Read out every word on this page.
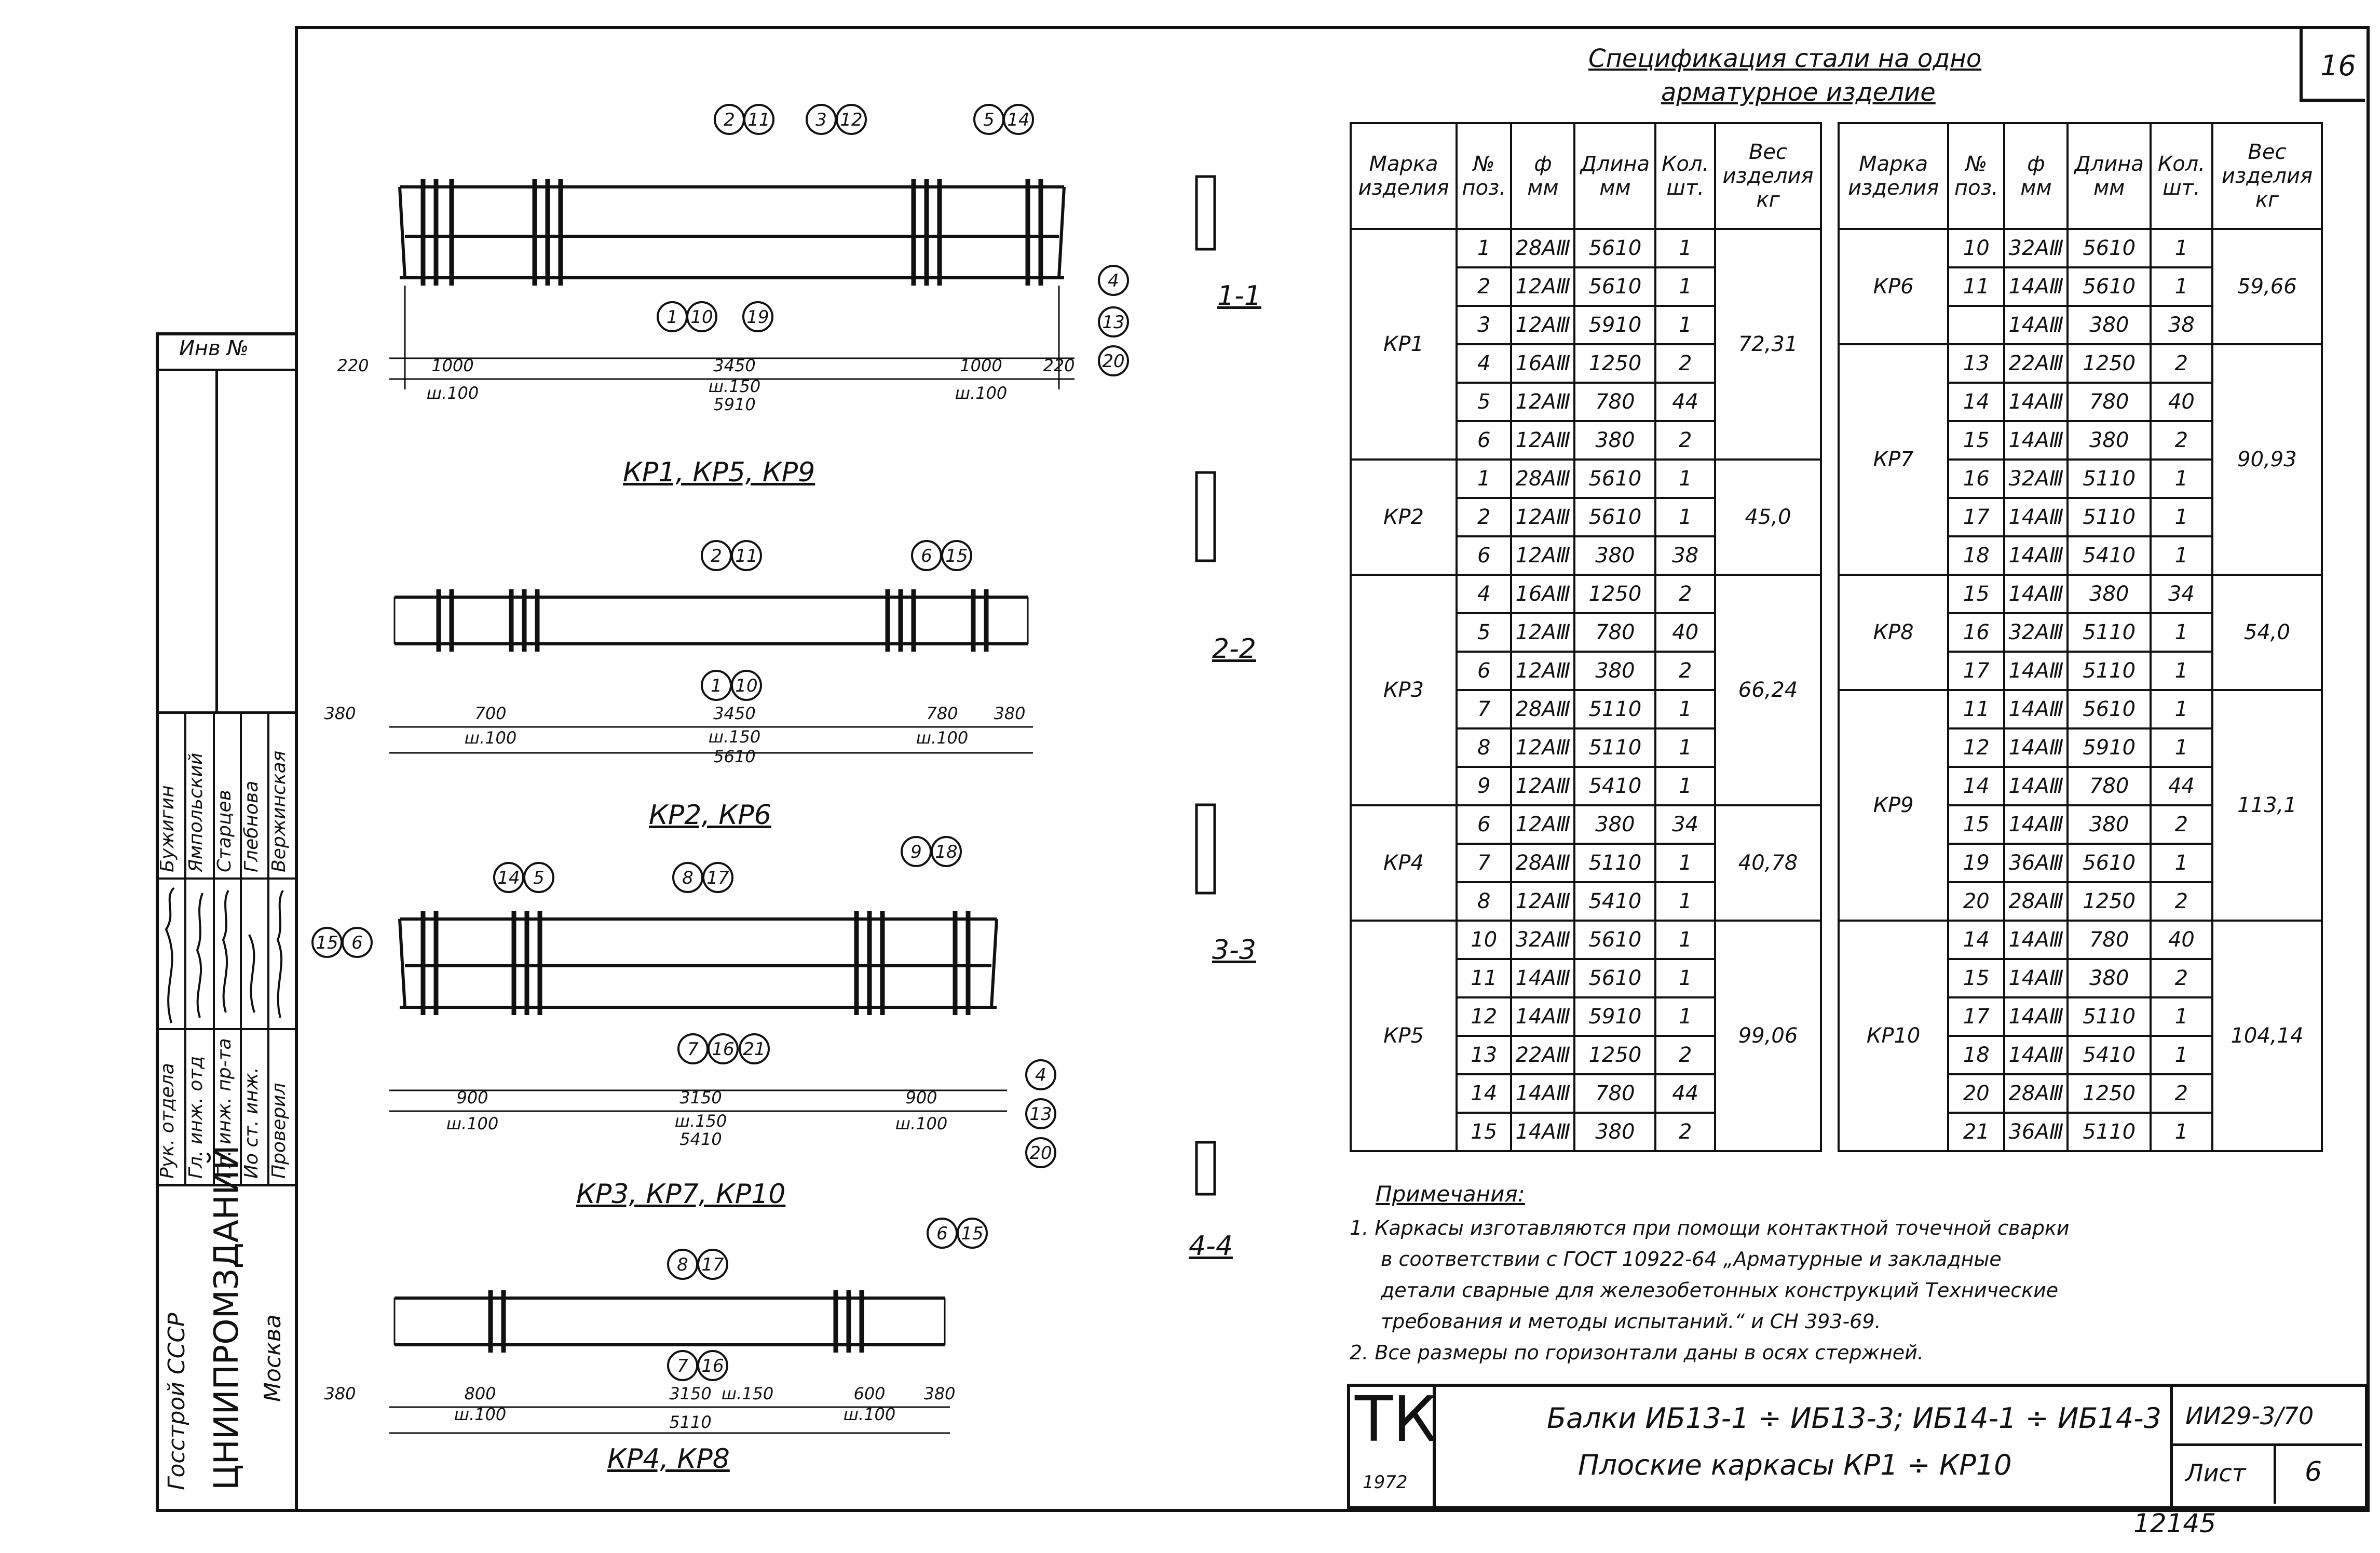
16
Инв №
Рук. отдела Гл. инж. отд Гл. инж. пр-та Ио ст. инж. Проверил
Бужигин Ямпольский Старцев Глебнова Вержинская
Госстрой СССР ЦНИИПРОМЗДАНИЙ Москва
Спецификация стали на одно
арматурное изделие
Марка изделия	№ поз.	ф мм	Длина мм	Кол. шт.	Вес изделия кг
КР1	1	28АⅢ	5610	1	72,31
	2	12АⅢ	5610	1	
	3	12АⅢ	5910	1	
	4	16АⅢ	1250	2	
	5	12АⅢ	780	44	
	6	12АⅢ	380	2	
КР2	1	28АⅢ	5610	1	45,0
	2	12АⅢ	5610	1	
	6	12АⅢ	380	38	
КР3	4	16АⅢ	1250	2	66,24
	5	12АⅢ	780	40	
	6	12АⅢ	380	2	
	7	28АⅢ	5110	1	
	8	12АⅢ	5110	1	
	9	12АⅢ	5410	1	
КР4	6	12АⅢ	380	34	40,78
	7	28АⅢ	5110	1	
	8	12АⅢ	5410	1	
КР5	10	32АⅢ	5610	1	99,06
	11	14АⅢ	5610	1	
	12	14АⅢ	5910	1	
	13	22АⅢ	1250	2	
	14	14АⅢ	780	44	
	15	14АⅢ	380	2	
Марка изделия	№ поз.	ф мм	Длина мм	Кол. шт.	Вес изделия кг
КР6	10	32АⅢ	5610	1	59,66
	11	14АⅢ	5610	1	
		14АⅢ	380	38	
КР7	13	22АⅢ	1250	2	90,93
	14	14АⅢ	780	40	
	15	14АⅢ	380	2	
	16	32АⅢ	5110	1	
	17	14АⅢ	5110	1	
	18	14АⅢ	5410	1	
КР8	15	14АⅢ	380	34	54,0
	16	32АⅢ	5110	1	
	17	14АⅢ	5110	1	
КР9	11	14АⅢ	5610	1	113,1
	12	14АⅢ	5910	1	
	14	14АⅢ	780	44	
	15	14АⅢ	380	2	
	19	36АⅢ	5610	1	
	20	28АⅢ	1250	2	
КР10	14	14АⅢ	780	40	104,14
	15	14АⅢ	380	2	
	17	14АⅢ	5110	1	
	18	14АⅢ	5410	1	
	20	28АⅢ	1250	2	
	21	36АⅢ	5110	1	
Примечания:
1. Каркасы изготавляются при помощи контактной точечной сварки
в соответствии с ГОСТ 10922-64 „Арматурные и закладные
детали сварные для железобетонных конструкций Технические
требования и методы испытаний.“ и СН 393-69.
2. Все размеры по горизонтали даны в осях стержней.
ТК
1972
Балки ИБ13-1 ÷ ИБ13-3; ИБ14-1 ÷ ИБ14-3
Плоские каркасы КР1 ÷ КР10
ИИ29-3/70
Лист 6
12145
2 11	3 12	5 14
1 10 19
4
13
20
2 11	6 15
1 10
14 5	8 17
9 18
7 16 21
4
13
20
15 6
8 17
6 15
7 16
1000	3450	1000
ш.100	ш.150
5910
ш.100
700	3450	780
ш.100	ш.150
5610
ш.100
900	3150	900
ш.100	ш.150
5410
ш.100
800	3150	600
ш.100
ш.150
5110	ш.100
380	380
380	380
220	220
КР1, КР5, КР9
КР2, КР6
КР3, КР7, КР10
КР4, КР8
1-1
2-2
3-3
4-4
